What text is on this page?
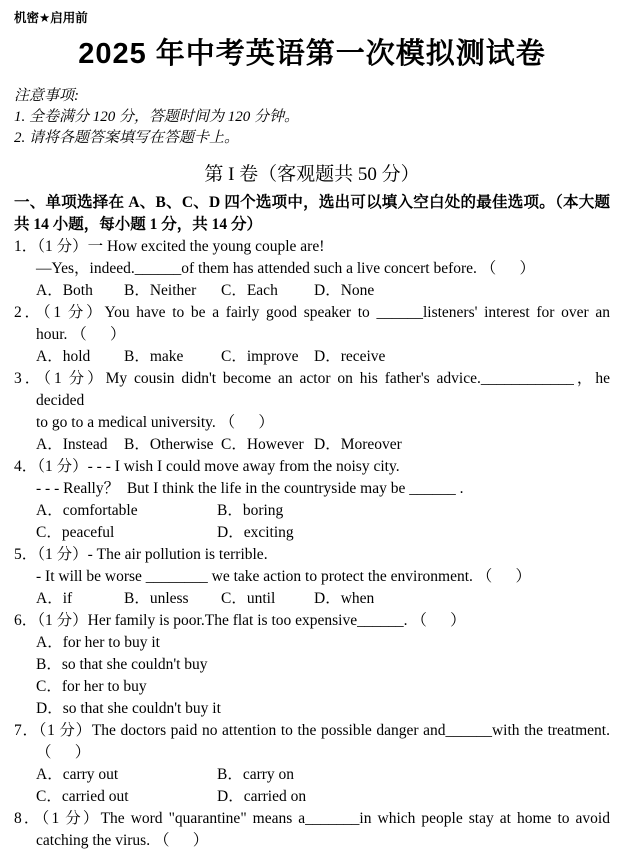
机密★启用前
2025 年中考英语第一次模拟测试卷
注意事项:
1. 全卷满分 120 分，答题时间为 120 分钟。
2. 请将各题答案填写在答题卡上。
第 I 卷（客观题共 50 分）
一、单项选择在 A、B、C、D 四个选项中，选出可以填入空白处的最佳选项。（本大题
共 14 小题，每小题 1 分，共 14 分）
1．（1 分）一 How excited the young couple are!
—Yes，indeed.______of them has attended such a live concert before. （      ）
A．Both	B．Neither	C．Each	D．None
2．（1 分）You have to be a fairly good speaker to ______listeners' interest for over an
hour. （      ）
A．hold	B．make	C．improve	D．receive
3．（1 分）My cousin didn't become an actor on his father's advice.____________，he decided
to go to a medical university. （      ）
A．Instead	B．Otherwise C．However D．Moreover
4．（1 分）- - - I wish I could move away from the noisy city.
- - - Really？  But I think the life in the countryside may be ______ .
A．comfortable	B．boring
C．peaceful	D．exciting
5．（1 分）- The air pollution is terrible.
- It will be worse ________ we take action to protect the environment. （      ）
A．if	B．unless	C．until	D．when
6．（1 分）Her family is poor.The flat is too expensive______. （      ）
A．for her to buy it
B．so that she couldn't buy
C．for her to buy
D．so that she couldn't buy it
7．（1 分）The doctors paid no attention to the possible danger and______with the treatment.
（      ）
A．carry out	B．carry on
C．carried out	D．carried on
8．（1 分）The word "quarantine" means a_______in which people stay at home to avoid
catching the virus. （      ）
